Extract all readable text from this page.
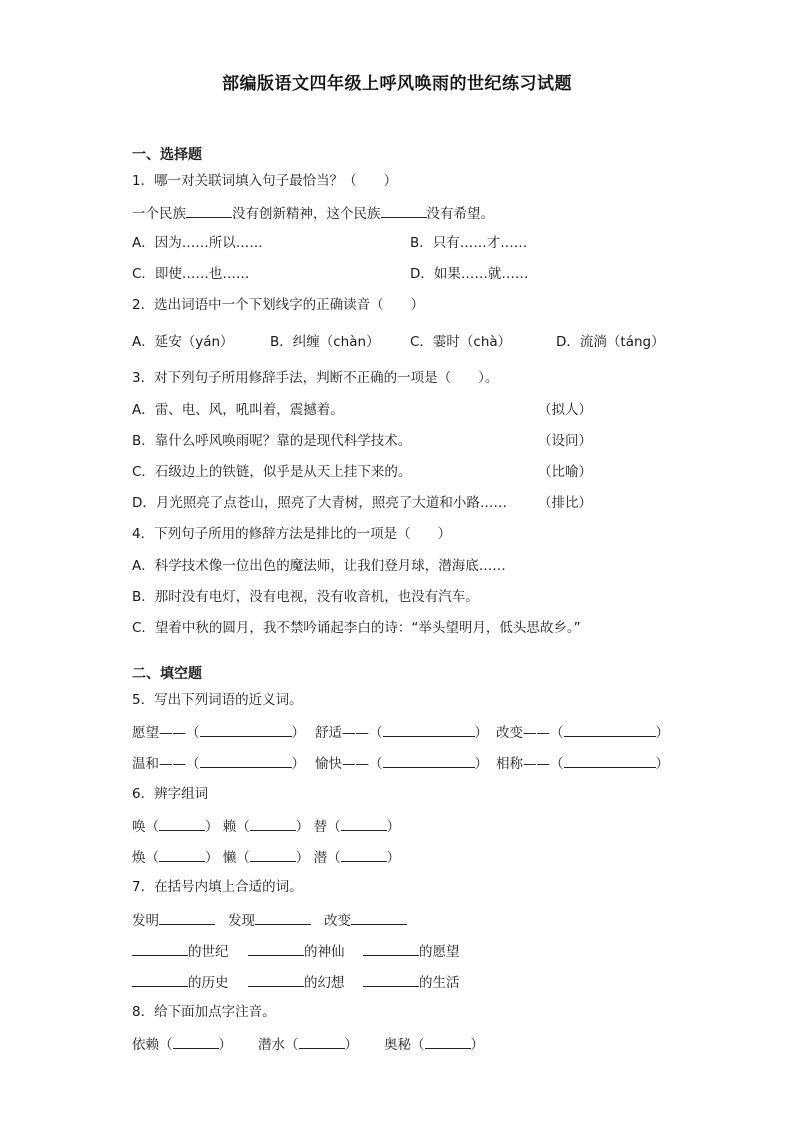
部编版语文四年级上呼风唤雨的世纪练习试题
一、选择题
1．哪一对关联词填入句子最恰当？（　　）
一个民族	没有创新精神，这个民族	没有希望。
A．因为……所以……	B．只有……才……
C．即使……也……	D．如果……就……
2．选出词语中一个下划线字的正确读音（　　）
A．延安（yán）	B．纠缠（chàn） C．霎时（chà）	D．流淌（táng）
3．对下列句子所用修辞手法，判断不正确的一项是（　　）。
A．雷、电、风，吼叫着，震撼着。	（拟人）
B．靠什么呼风唤雨呢？靠的是现代科学技术。	（设问）
C．石级边上的铁链，似乎是从天上挂下来的。	（比喻）
D．月光照亮了点苍山，照亮了大青树，照亮了大道和小路…… （排比）
4．下列句子所用的修辞方法是排比的一项是（　　）
A．科学技术像一位出色的魔法师，让我们登月球，潜海底……
B．那时没有电灯，没有电视，没有收音机，也没有汽车。
C．望着中秋的圆月，我不禁吟诵起李白的诗：“举头望明月，低头思故乡。”
二、填空题
5．写出下列词语的近义词。
愿望——（	） 舒适——（	） 改变——（	）
温和——（	） 愉快——（	） 相称——（	）
6．辨字组词
唤（	） 赖（	） 替（	）
焕（	） 懒（	） 潜（	）
7．在括号内填上合适的词。
发明	发现	改变
的世纪	的神仙	的愿望
的历史	的幻想	的生活
8．给下面加点字注音。
依赖（	） 潜水（	） 奥秘（	）
